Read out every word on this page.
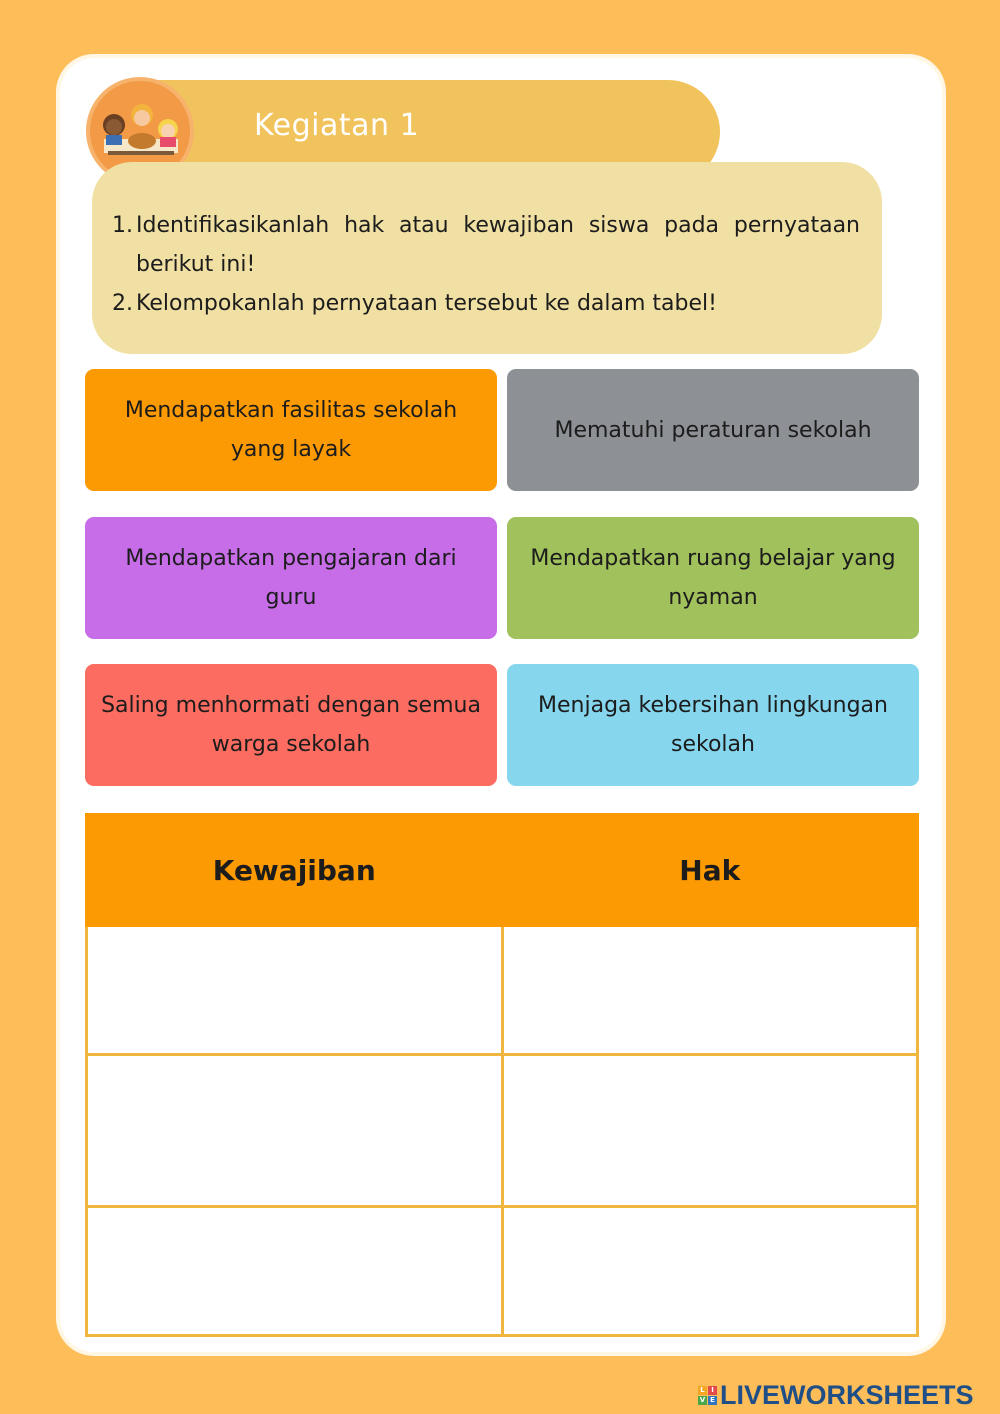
Kegiatan 1
1. Identifikasikanlah hak atau kewajiban siswa pada pernyataan berikut ini!
2. Kelompokanlah pernyataan tersebut ke dalam tabel!
Mendapatkan fasilitas sekolah yang layak
Mematuhi peraturan sekolah
Mendapatkan pengajaran dari guru
Mendapatkan ruang belajar yang nyaman
Saling menhormati dengan semua warga sekolah
Menjaga kebersihan lingkungan sekolah
Kewajiban	Hak

L I
V E LIVEWORKSHEETS
